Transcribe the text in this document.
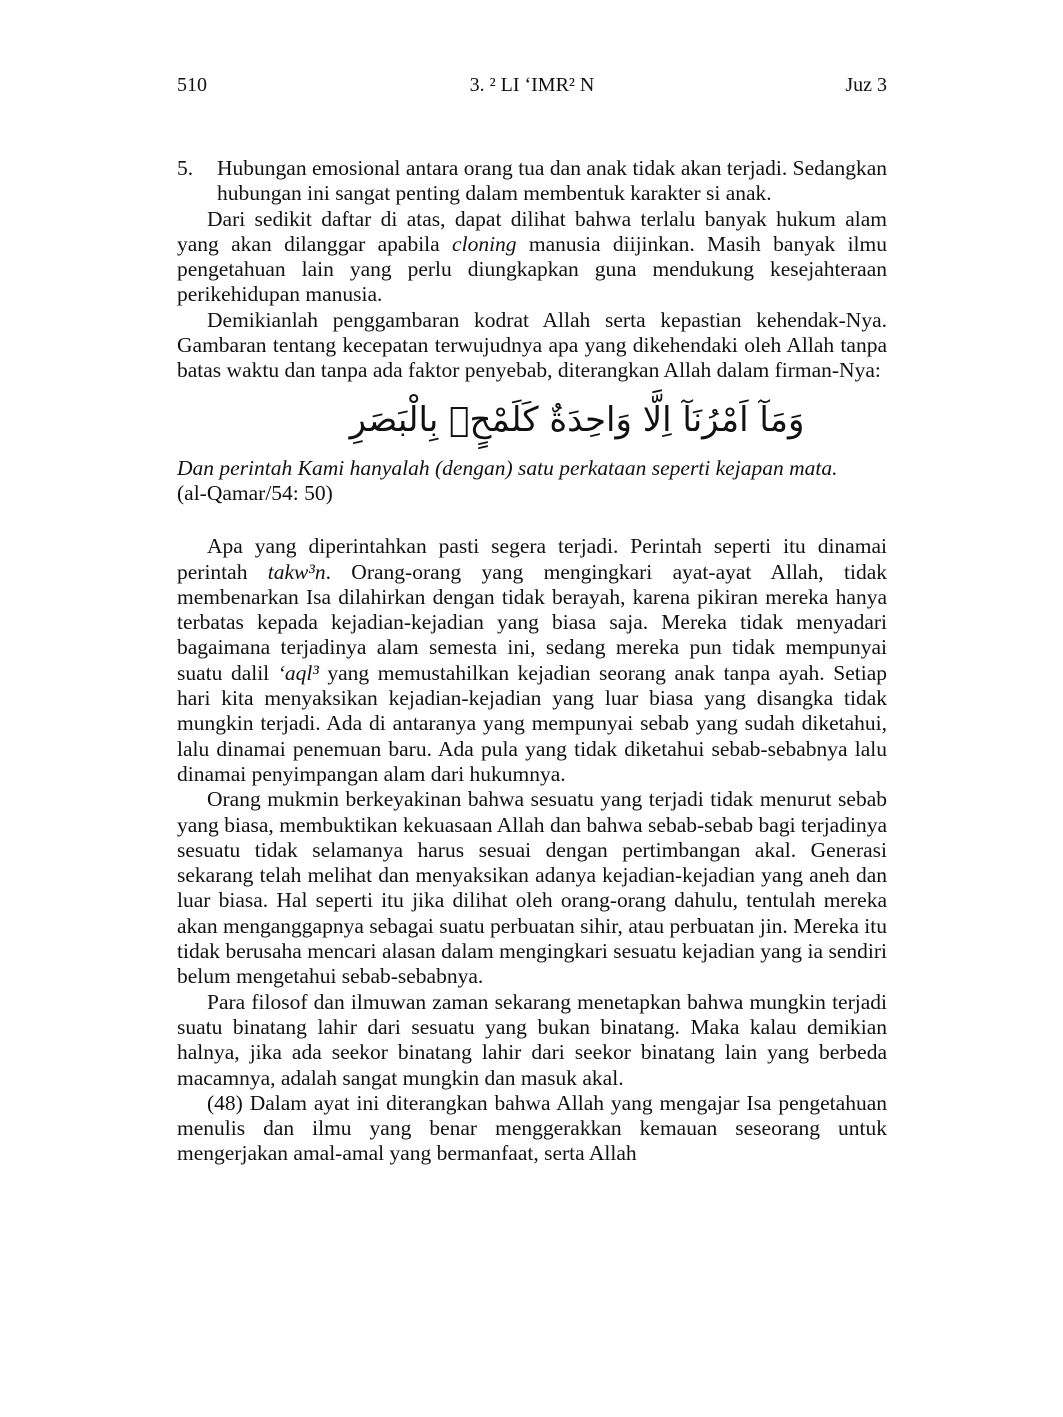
510	3. ² LI ‘IMR² N	Juz 3
5.	Hubungan emosional antara orang tua dan anak tidak akan terjadi. Sedangkan hubungan ini sangat penting dalam membentuk karakter si anak.

Dari sedikit daftar di atas, dapat dilihat bahwa terlalu banyak hukum alam yang akan dilanggar apabila cloning manusia diijinkan. Masih banyak ilmu pengetahuan lain yang perlu diungkapkan guna mendukung kesejahteraan perikehidupan manusia.

Demikianlah penggambaran kodrat Allah serta kepastian kehendak-Nya. Gambaran tentang kecepatan terwujudnya apa yang dikehendaki oleh Allah tanpa batas waktu dan tanpa ada faktor penyebab, diterangkan Allah dalam firman-Nya:

وَمَآ اَمْرُنَآ اِلَّا وَاحِدَةٌ كَلَمْحٍۢ بِالْبَصَرِ

Dan perintah Kami hanyalah (dengan) satu perkataan seperti kejapan mata.

(al-Qamar/54: 50)

Apa yang diperintahkan pasti segera terjadi. Perintah seperti itu dinamai perintah takw³n. Orang-orang yang mengingkari ayat-ayat Allah, tidak membenarkan Isa dilahirkan dengan tidak berayah, karena pikiran mereka hanya terbatas kepada kejadian-kejadian yang biasa saja. Mereka tidak menyadari bagaimana terjadinya alam semesta ini, sedang mereka pun tidak mempunyai suatu dalil ‘aql³ yang memustahilkan kejadian seorang anak tanpa ayah. Setiap hari kita menyaksikan kejadian-kejadian yang luar biasa yang disangka tidak mungkin terjadi. Ada di antaranya yang mempunyai sebab yang sudah diketahui, lalu dinamai penemuan baru. Ada pula yang tidak diketahui sebab-sebabnya lalu dinamai penyimpangan alam dari hukumnya.

Orang mukmin berkeyakinan bahwa sesuatu yang terjadi tidak menurut sebab yang biasa, membuktikan kekuasaan Allah dan bahwa sebab-sebab bagi terjadinya sesuatu tidak selamanya harus sesuai dengan pertimbangan akal. Generasi sekarang telah melihat dan menyaksikan adanya kejadian-kejadian yang aneh dan luar biasa. Hal seperti itu jika dilihat oleh orang-orang dahulu, tentulah mereka akan menganggapnya sebagai suatu perbuatan sihir, atau perbuatan jin. Mereka itu tidak berusaha mencari alasan dalam mengingkari sesuatu kejadian yang ia sendiri belum mengetahui sebab-sebabnya.

Para filosof dan ilmuwan zaman sekarang menetapkan bahwa mungkin terjadi suatu binatang lahir dari sesuatu yang bukan binatang. Maka kalau demikian halnya, jika ada seekor binatang lahir dari seekor binatang lain yang berbeda macamnya, adalah sangat mungkin dan masuk akal.

(48) Dalam ayat ini diterangkan bahwa Allah yang mengajar Isa pengetahuan menulis dan ilmu yang benar menggerakkan kemauan seseorang untuk mengerjakan amal-amal yang bermanfaat, serta Allah
